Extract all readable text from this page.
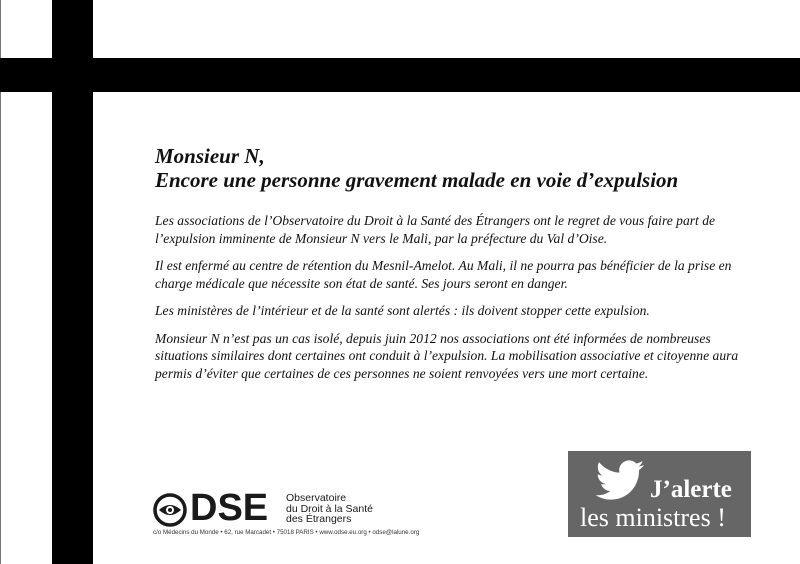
Monsieur N,
Encore une personne gravement malade en voie d’expulsion

Les associations de l’Observatoire du Droit à la Santé des Étrangers ont le regret de vous faire part de l’expulsion imminente de Monsieur N vers le Mali, par la préfecture du Val d’Oise.

Il est enfermé au centre de rétention du Mesnil-Amelot. Au Mali, il ne pourra pas bénéficier de la prise en charge médicale que nécessite son état de santé. Ses jours seront en danger.

Les ministères de l’intérieur et de la santé sont alertés : ils doivent stopper cette expulsion.

Monsieur N n’est pas un cas isolé, depuis juin 2012 nos associations ont été informées de nombreuses situations similaires dont certaines ont conduit à l’expulsion. La mobilisation associative et citoyenne aura permis d’éviter que certaines de ces personnes ne soient renvoyées vers une mort certaine.

DSE Observatoire
du Droit à la Santé
des Étrangers
c/o Médecins du Monde • 62, rue Marcadet • 75018 PARIS • www.odse.eu.org • odse@lalune.org
J’alerte
les ministres !
